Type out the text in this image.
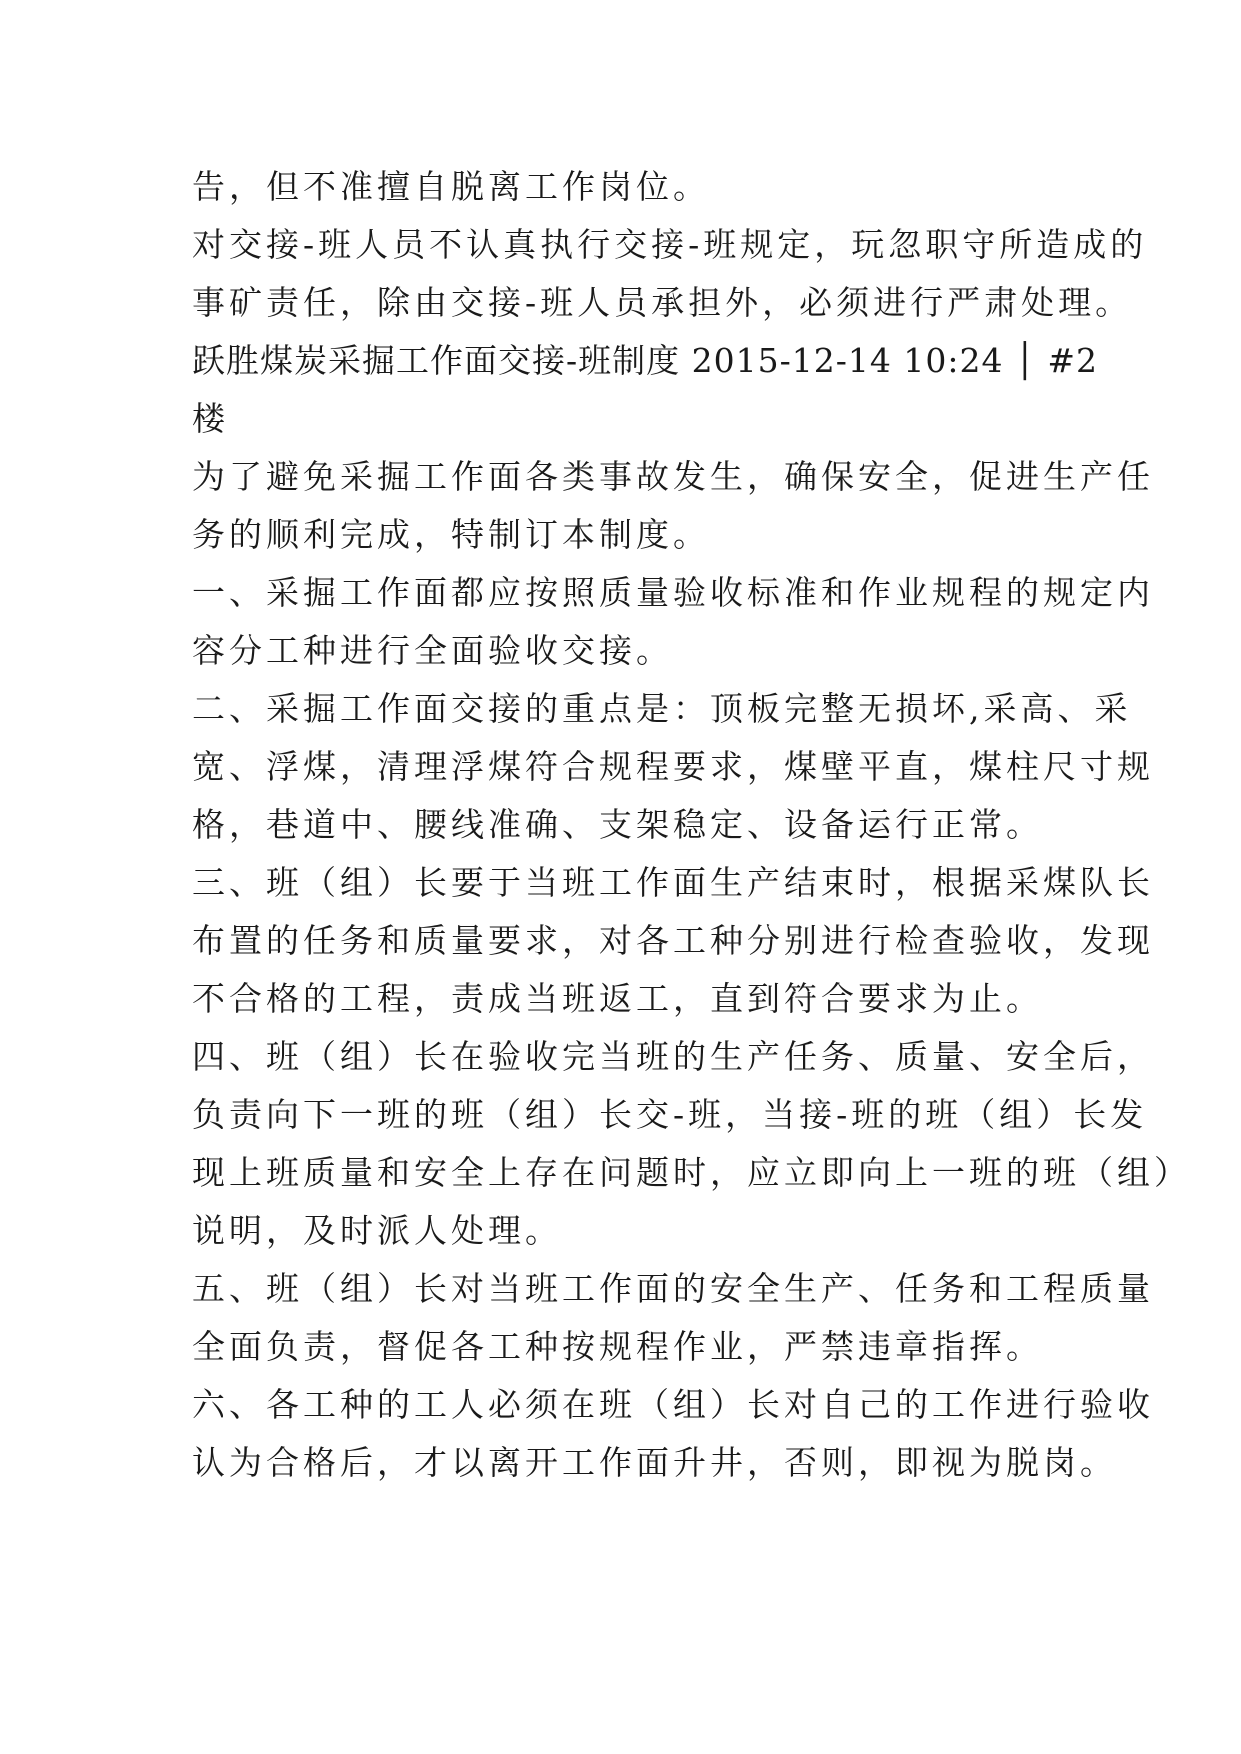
告，但不准擅自脱离工作岗位。
对交接-班人员不认真执行交接-班规定，玩忽职守所造成的
事矿责任，除由交接-班人员承担外，必须进行严肃处理。
跃胜煤炭采掘工作面交接-班制度 2015-12-14 10:24 │ #2
楼
为了避免采掘工作面各类事故发生，确保安全，促进生产任
务的顺利完成，特制订本制度。
一、采掘工作面都应按照质量验收标准和作业规程的规定内
容分工种进行全面验收交接。
二、采掘工作面交接的重点是：顶板完整无损坏,采高、采
宽、浮煤，清理浮煤符合规程要求，煤壁平直，煤柱尺寸规
格，巷道中、腰线准确、支架稳定、设备运行正常。
三、班（组）长要于当班工作面生产结束时，根据采煤队长
布置的任务和质量要求，对各工种分别进行检查验收，发现
不合格的工程，责成当班返工，直到符合要求为止。
四、班（组）长在验收完当班的生产任务、质量、安全后，
负责向下一班的班（组）长交-班，当接-班的班（组）长发
现上班质量和安全上存在问题时，应立即向上一班的班（组）
说明，及时派人处理。
五、班（组）长对当班工作面的安全生产、任务和工程质量
全面负责，督促各工种按规程作业，严禁违章指挥。
六、各工种的工人必须在班（组）长对自己的工作进行验收
认为合格后，才以离开工作面升井，否则，即视为脱岗。
